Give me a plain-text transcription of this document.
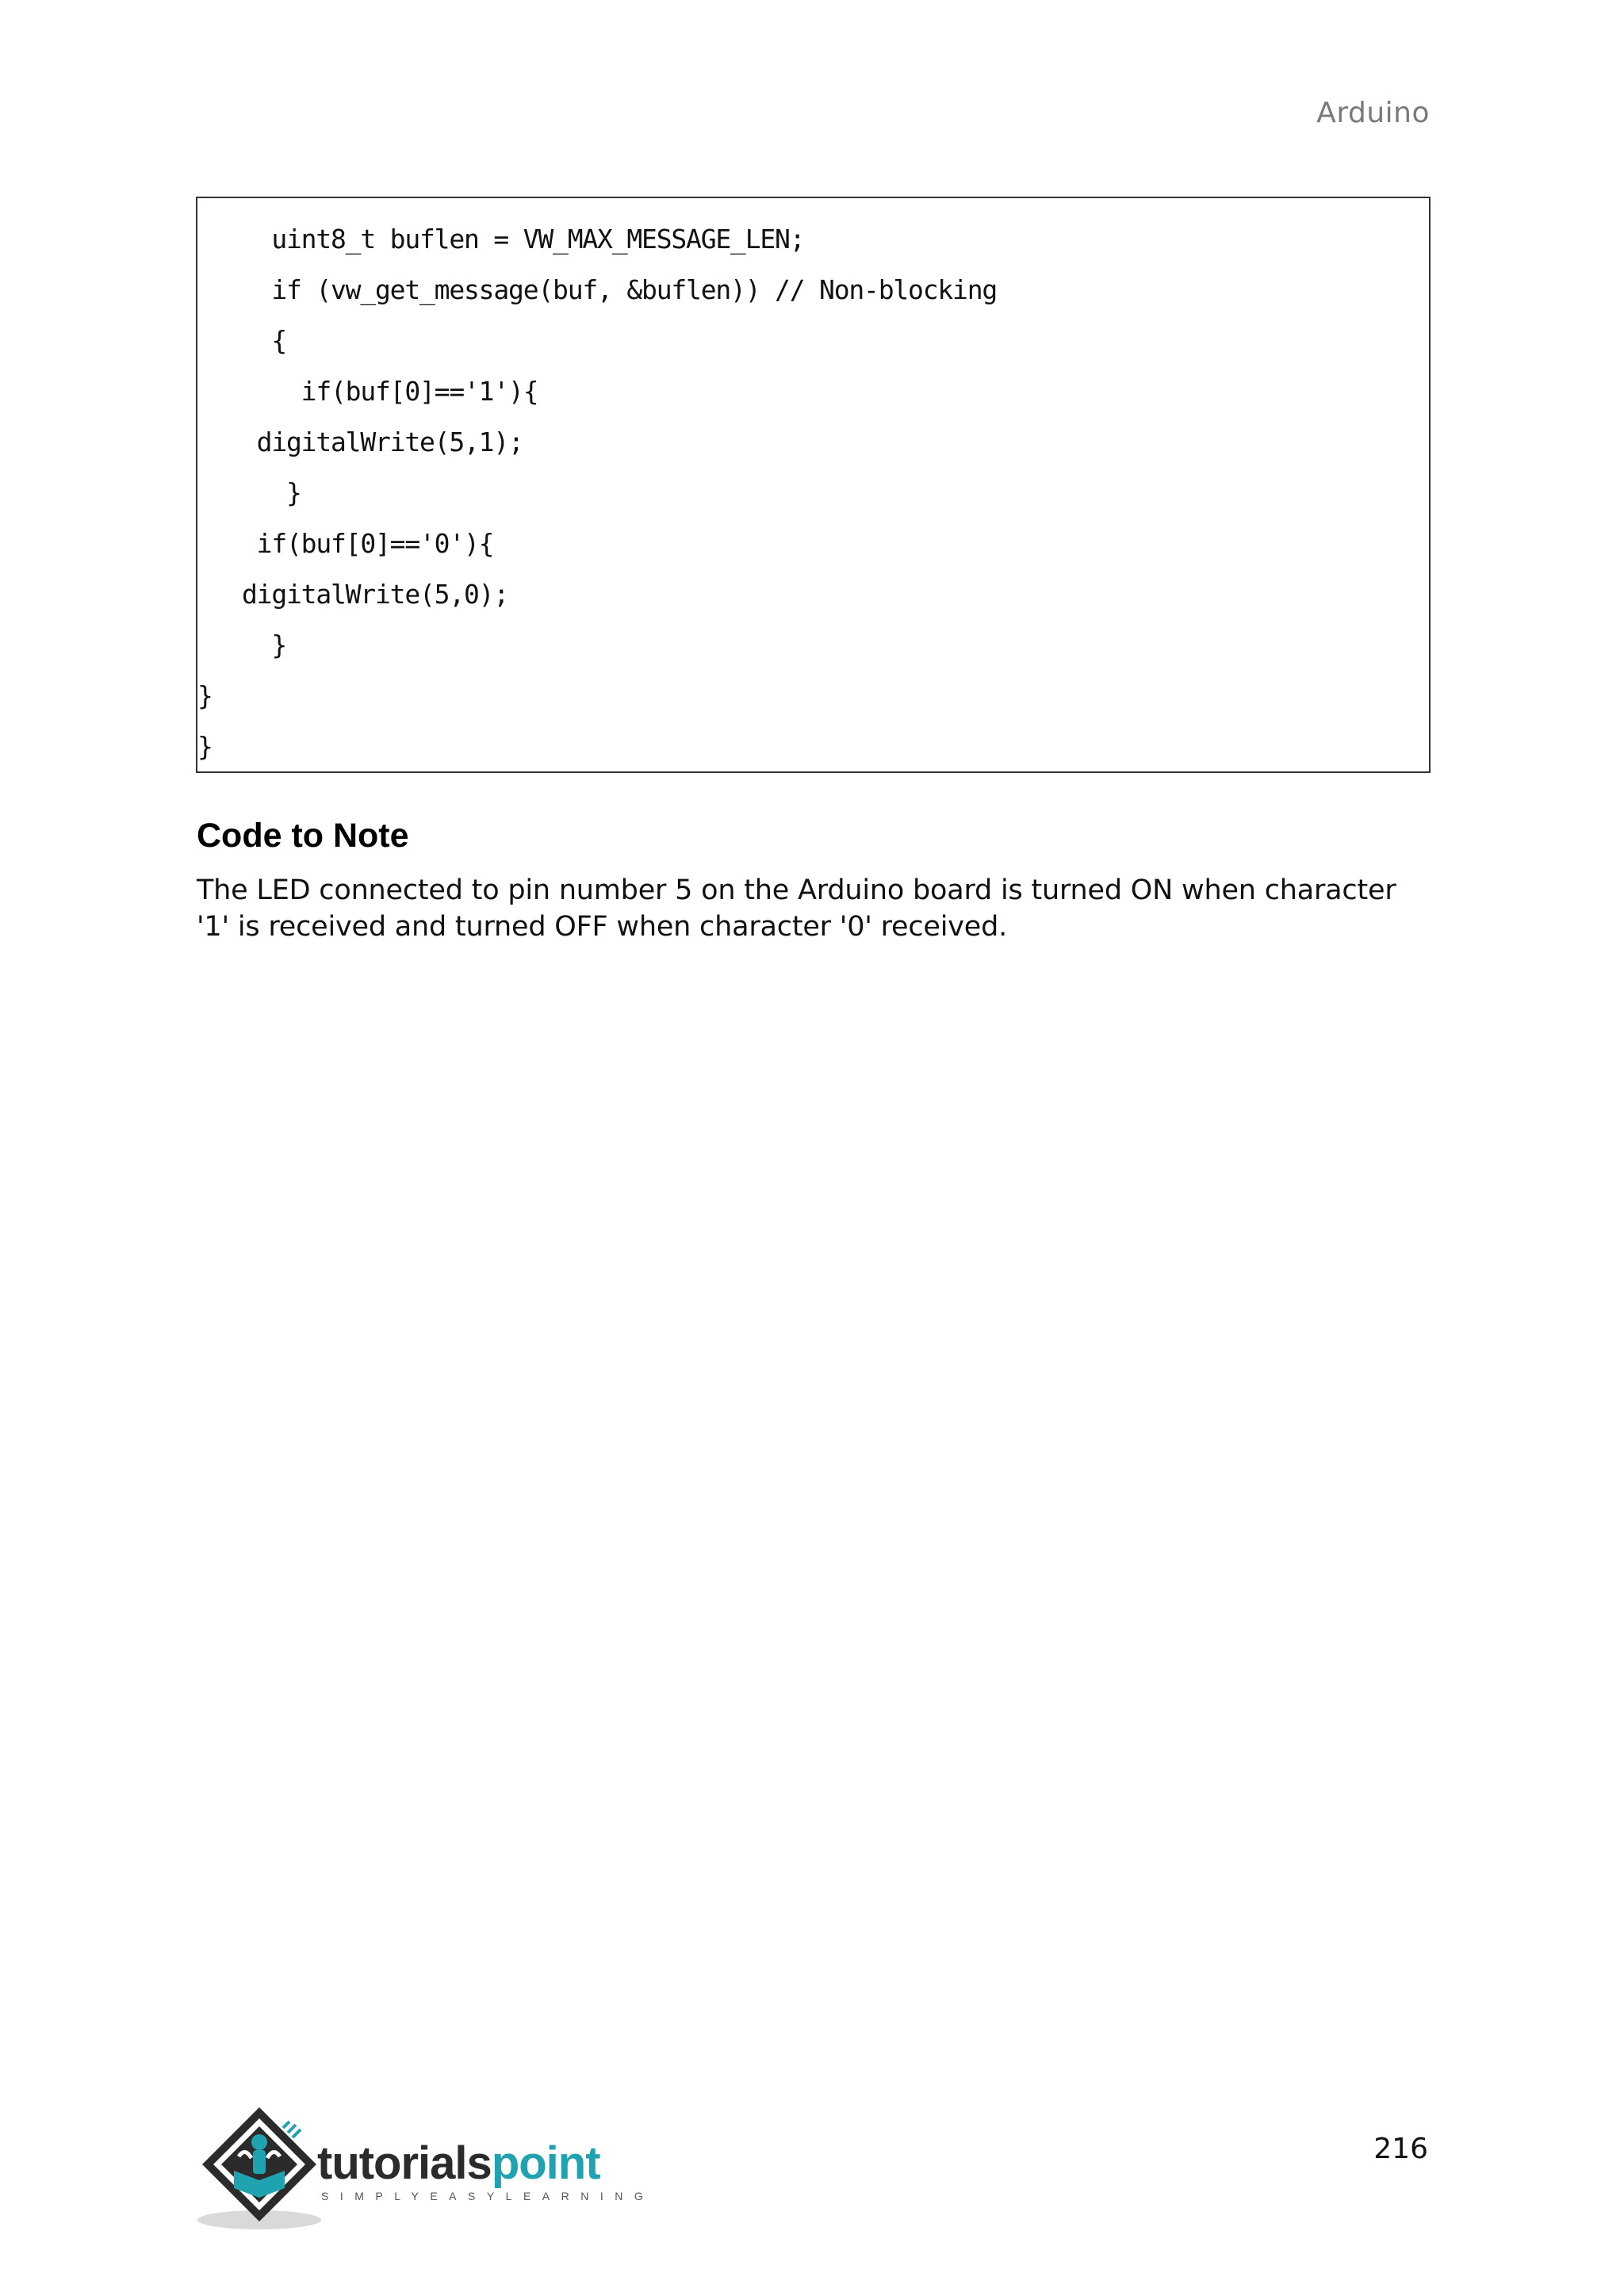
Arduino
uint8_t buflen = VW_MAX_MESSAGE_LEN;
if (vw_get_message(buf, &buflen)) // Non-blocking
{
if(buf[0]=='1'){
digitalWrite(5,1);
}
if(buf[0]=='0'){
digitalWrite(5,0);
}
}
}
Code to Note
The LED connected to pin number 5 on the Arduino board is turned ON when character '1' is received and turned OFF when character '0' received.
tutorialspoint
SIMPLYEASYLEARNING
216
